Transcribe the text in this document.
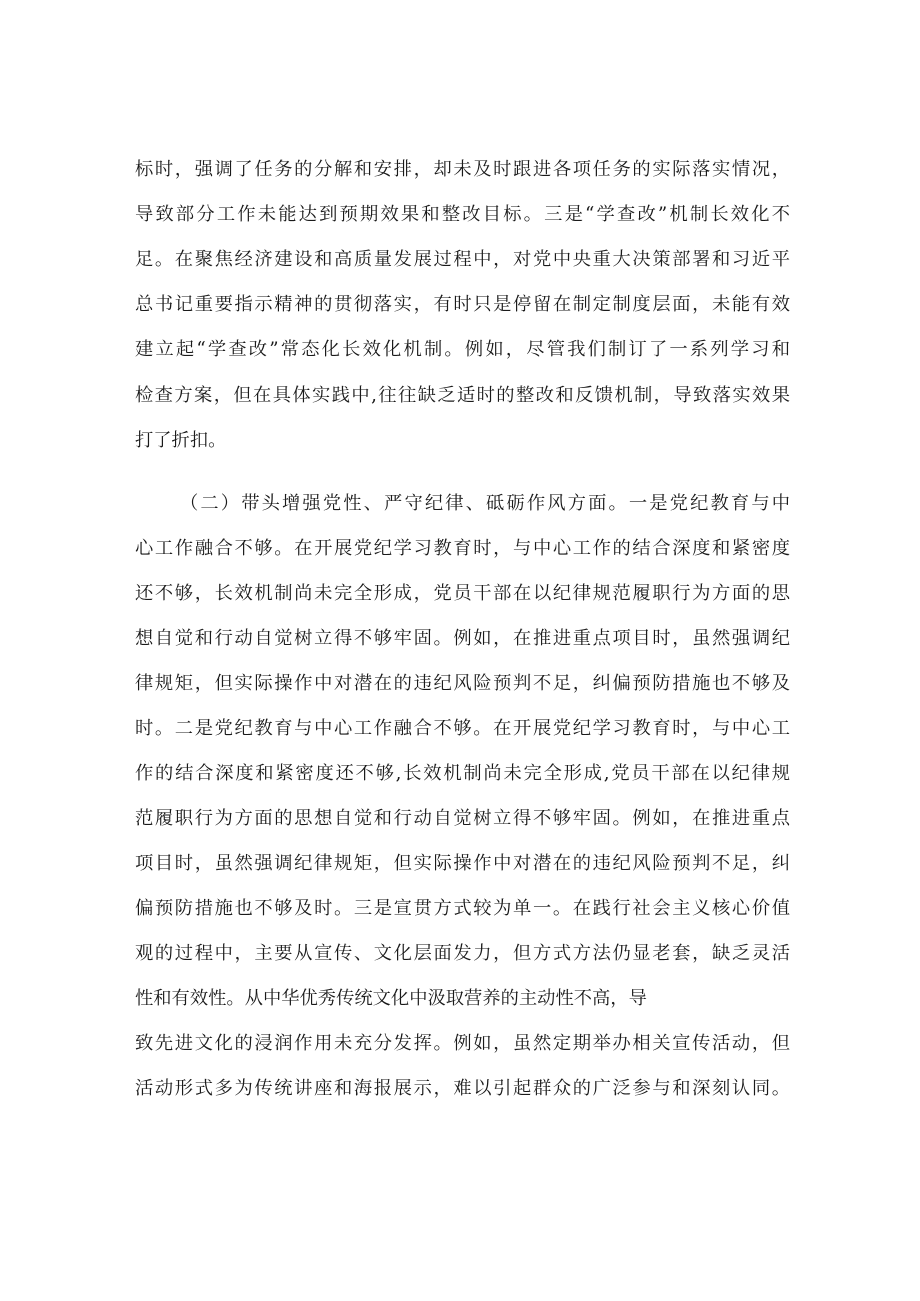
标时，强调了任务的分解和安排，却未及时跟进各项任务的实际落实情况，
导致部分工作未能达到预期效果和整改目标。三是“学查改”机制长效化不
足。在聚焦经济建设和高质量发展过程中，对党中央重大决策部署和习近平
总书记重要指示精神的贯彻落实，有时只是停留在制定制度层面，未能有效
建立起“学查改”常态化长效化机制。例如，尽管我们制订了一系列学习和
检查方案，但在具体实践中,往往缺乏适时的整改和反馈机制，导致落实效果
打了折扣。
（二）带头增强党性、严守纪律、砥砺作风方面。一是党纪教育与中
心工作融合不够。在开展党纪学习教育时，与中心工作的结合深度和紧密度
还不够，长效机制尚未完全形成，党员干部在以纪律规范履职行为方面的思
想自觉和行动自觉树立得不够牢固。例如，在推进重点项目时，虽然强调纪
律规矩，但实际操作中对潜在的违纪风险预判不足，纠偏预防措施也不够及
时。二是党纪教育与中心工作融合不够。在开展党纪学习教育时，与中心工
作的结合深度和紧密度还不够,长效机制尚未完全形成,党员干部在以纪律规
范履职行为方面的思想自觉和行动自觉树立得不够牢固。例如，在推进重点
项目时，虽然强调纪律规矩，但实际操作中对潜在的违纪风险预判不足，纠
偏预防措施也不够及时。三是宣贯方式较为单一。在践行社会主义核心价值
观的过程中，主要从宣传、文化层面发力，但方式方法仍显老套，缺乏灵活
性和有效性。从中华优秀传统文化中汲取营养的主动性不高，导
致先进文化的浸润作用未充分发挥。例如，虽然定期举办相关宣传活动，但
活动形式多为传统讲座和海报展示，难以引起群众的广泛参与和深刻认同。
